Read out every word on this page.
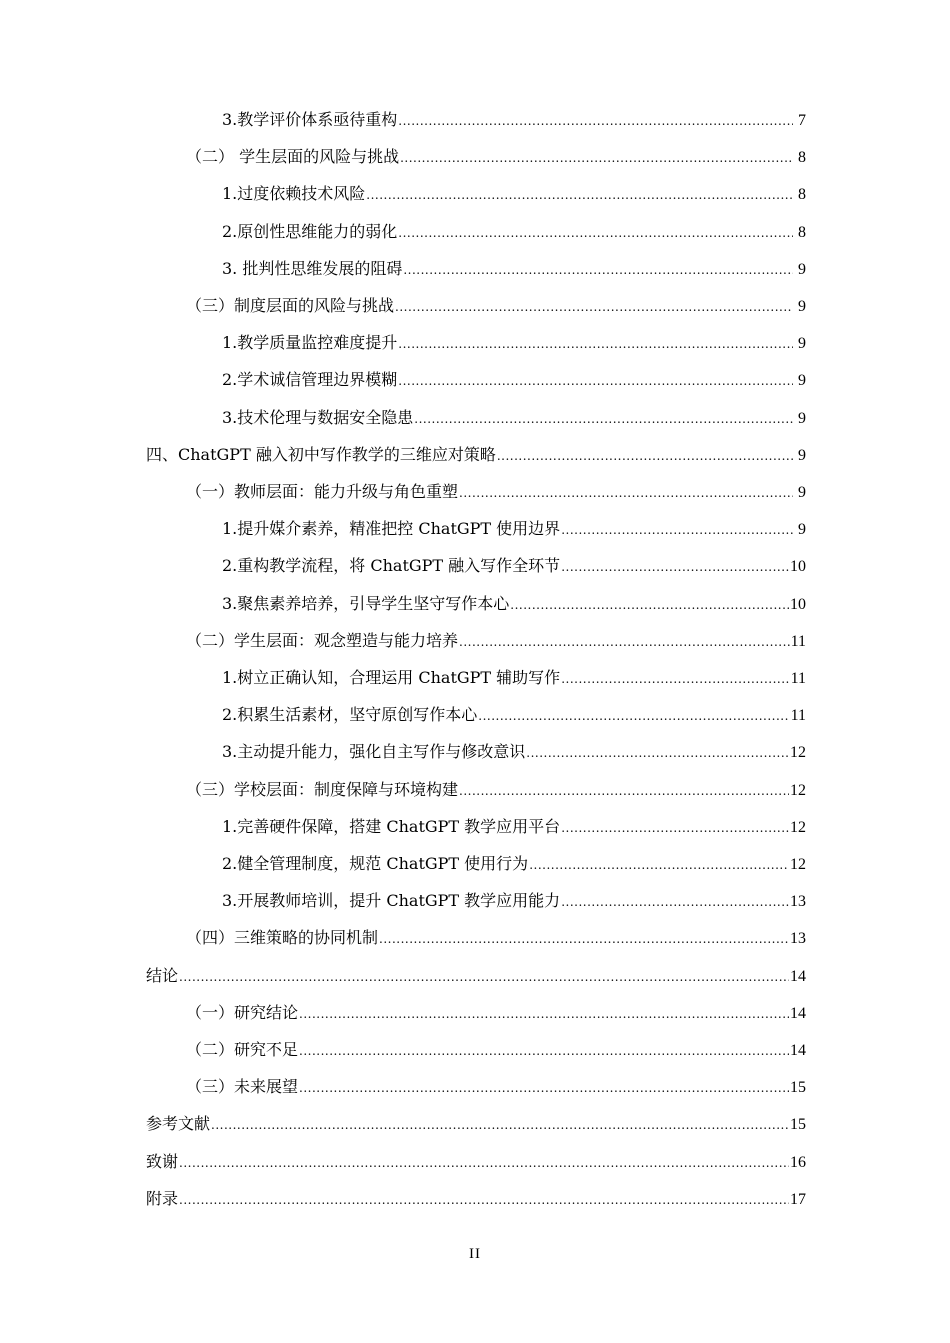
3.教学评价体系亟待重构 .....	7
（二） 学生层面的风险与挑战 .....	8
1.过度依赖技术风险 .....	8
2.原创性思维能力的弱化 .....	8
3. 批判性思维发展的阻碍 .....	9
（三）制度层面的风险与挑战 .....	9
1.教学质量监控难度提升 .....	9
2.学术诚信管理边界模糊 .....	9
3.技术伦理与数据安全隐患 .....	9
四、ChatGPT 融入初中写作教学的三维应对策略 .....	9
（一）教师层面：能力升级与角色重塑 .....	9
1.提升媒介素养，精准把控 ChatGPT 使用边界 .....	9
2.重构教学流程，将 ChatGPT 融入写作全环节 .....	10
3.聚焦素养培养，引导学生坚守写作本心 .....	10
（二）学生层面：观念塑造与能力培养 .....	11
1.树立正确认知，合理运用 ChatGPT 辅助写作 .....	11
2.积累生活素材，坚守原创写作本心 .....	11
3.主动提升能力，强化自主写作与修改意识 .....	12
（三）学校层面：制度保障与环境构建 .....	12
1.完善硬件保障，搭建 ChatGPT 教学应用平台 .....	12
2.健全管理制度，规范 ChatGPT 使用行为 .....	12
3.开展教师培训，提升 ChatGPT 教学应用能力 .....	13
（四）三维策略的协同机制 .....	13
结论 .....	14
（一）研究结论 .....	14
（二）研究不足 .....	14
（三）未来展望 .....	15
参考文献 .....	15
致谢 .....	16
附录 .....	17
II
